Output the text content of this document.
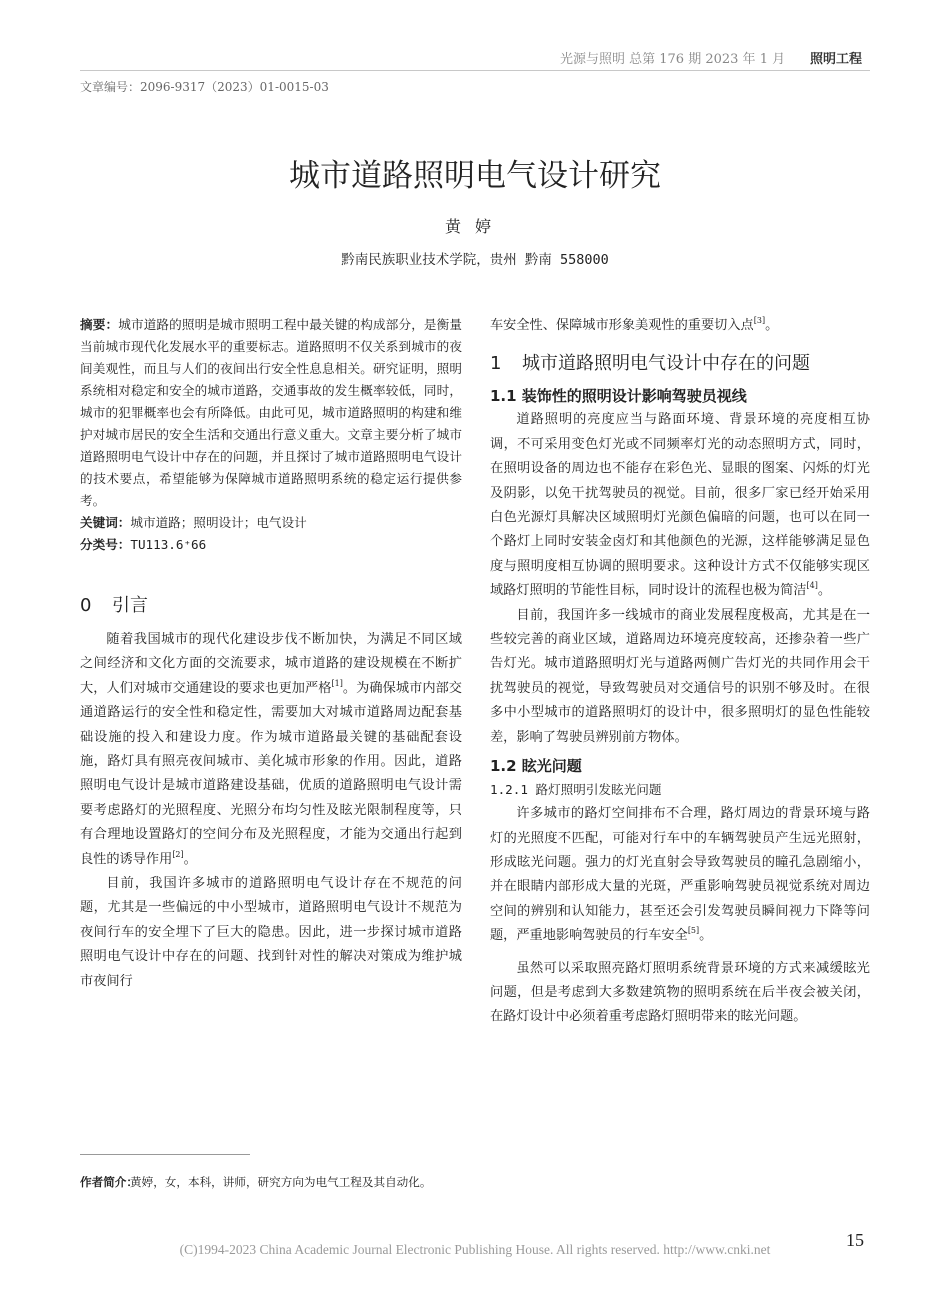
光源与照明 总第 176 期 2023 年 1 月 照明工程
文章编号：2096-9317（2023）01-0015-03
城市道路照明电气设计研究
黄婷
黔南民族职业技术学院，贵州 黔南 558000

摘要：城市道路的照明是城市照明工程中最关键的构成部分，是衡量当前城市现代化发展水平的重要标志。道路照明不仅关系到城市的夜间美观性，而且与人们的夜间出行安全性息息相关。研究证明，照明系统相对稳定和安全的城市道路，交通事故的发生概率较低，同时，城市的犯罪概率也会有所降低。由此可见，城市道路照明的构建和维护对城市居民的安全生活和交通出行意义重大。文章主要分析了城市道路照明电气设计中存在的问题，并且探讨了城市道路照明电气设计的技术要点，希望能够为保障城市道路照明系统的稳定运行提供参考。

关键词：城市道路；照明设计；电气设计

分类号：TU113.6⁺66

0 引言

随着我国城市的现代化建设步伐不断加快，为满足不同区域之间经济和文化方面的交流要求，城市道路的建设规模在不断扩大，人们对城市交通建设的要求也更加严格[1]。为确保城市内部交通道路运行的安全性和稳定性，需要加大对城市道路周边配套基础设施的投入和建设力度。作为城市道路最关键的基础配套设施，路灯具有照亮夜间城市、美化城市形象的作用。因此，道路照明电气设计是城市道路建设基础，优质的道路照明电气设计需要考虑路灯的光照程度、光照分布均匀性及眩光限制程度等，只有合理地设置路灯的空间分布及光照程度，才能为交通出行起到良性的诱导作用[2]。

目前，我国许多城市的道路照明电气设计存在不规范的问题，尤其是一些偏远的中小型城市，道路照明电气设计不规范为夜间行车的安全埋下了巨大的隐患。因此，进一步探讨城市道路照明电气设计中存在的问题、找到针对性的解决对策成为维护城市夜间行

车安全性、保障城市形象美观性的重要切入点[3]。

1 城市道路照明电气设计中存在的问题

1.1 装饰性的照明设计影响驾驶员视线

道路照明的亮度应当与路面环境、背景环境的亮度相互协调，不可采用变色灯光或不同频率灯光的动态照明方式，同时，在照明设备的周边也不能存在彩色光、显眼的图案、闪烁的灯光及阴影，以免干扰驾驶员的视觉。目前，很多厂家已经开始采用白色光源灯具解决区域照明灯光颜色偏暗的问题，也可以在同一个路灯上同时安装金卤灯和其他颜色的光源，这样能够满足显色度与照明度相互协调的照明要求。这种设计方式不仅能够实现区域路灯照明的节能性目标，同时设计的流程也极为简洁[4]。

目前，我国许多一线城市的商业发展程度极高，尤其是在一些较完善的商业区域，道路周边环境亮度较高，还掺杂着一些广告灯光。城市道路照明灯光与道路两侧广告灯光的共同作用会干扰驾驶员的视觉，导致驾驶员对交通信号的识别不够及时。在很多中小型城市的道路照明灯的设计中，很多照明灯的显色性能较差，影响了驾驶员辨别前方物体。

1.2 眩光问题

1.2.1 路灯照明引发眩光问题

许多城市的路灯空间排布不合理，路灯周边的背景环境与路灯的光照度不匹配，可能对行车中的车辆驾驶员产生远光照射，形成眩光问题。强力的灯光直射会导致驾驶员的瞳孔急剧缩小，并在眼睛内部形成大量的光斑，严重影响驾驶员视觉系统对周边空间的辨别和认知能力，甚至还会引发驾驶员瞬间视力下降等问题，严重地影响驾驶员的行车安全[5]。

虽然可以采取照亮路灯照明系统背景环境的方式来减缓眩光问题，但是考虑到大多数建筑物的照明系统在后半夜会被关闭，在路灯设计中必须着重考虑路灯照明带来的眩光问题。

作者简介：
黄婷，女，本科，讲师，研究方向为电气工程及其自动化。
(C)1994-2023 China Academic Journal Electronic Publishing House. All rights reserved. http://www.cnki.net	15
